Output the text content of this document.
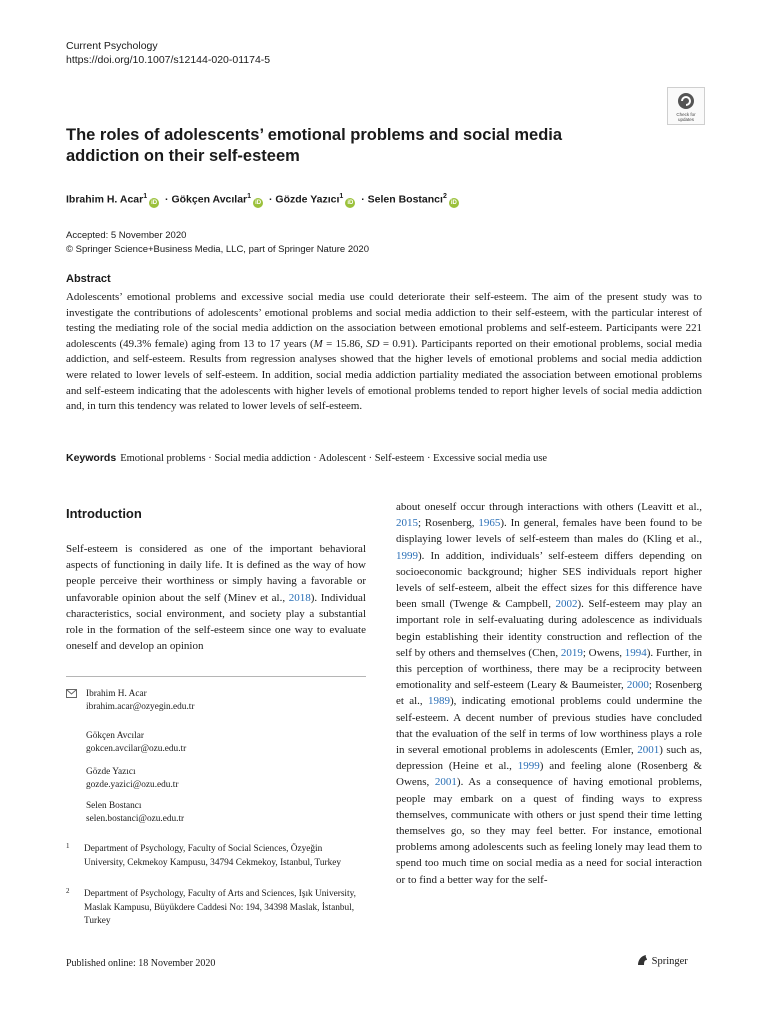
Current Psychology
https://doi.org/10.1007/s12144-020-01174-5
Check for updates
The roles of adolescents’ emotional problems and social media
addiction on their self-esteem
Ibrahim H. Acar$^1$iD · Gökçen Avcılar$^1$iD · Gözde Yazıcı$^1$iD · Selen Bostancı$^2$iD
Accepted: 5 November 2020
© Springer Science+Business Media, LLC, part of Springer Nature 2020
Abstract
Adolescents’ emotional problems and excessive social media use could deteriorate their self-esteem. The aim of the present study was to investigate the contributions of adolescents’ emotional problems and social media addiction to their self-esteem, with the particular interest of testing the mediating role of the social media addiction on the association between emotional problems and self-esteem. Participants were 221 adolescents (49.3% female) aging from 13 to 17 years (M = 15.86, SD = 0.91). Participants reported on their emotional problems, social media addiction, and self-esteem. Results from regression analyses showed that the higher levels of emotional problems and social media addiction were related to lower levels of self-esteem. In addition, social media addiction partiality mediated the association between emotional problems and self-esteem indicating that the adolescents with higher levels of emotional problems tended to report higher levels of social media addiction and, in turn this tendency was related to lower levels of self-esteem.
Keywords Emotional problems · Social media addiction · Adolescent · Self-esteem · Excessive social media use
Introduction
Self-esteem is considered as one of the important behavioral aspects of functioning in daily life. It is defined as the way of how people perceive their worthiness or simply having a favorable or unfavorable opinion about the self (Minev et al., 2018). Individual characteristics, social environment, and society play a substantial role in the formation of the self-esteem since one way to evaluate oneself and develop an opinion
about oneself occur through interactions with others (Leavitt et al., 2015; Rosenberg, 1965). In general, females have been found to be displaying lower levels of self-esteem than males do (Kling et al., 1999). In addition, individuals’ self-esteem differs depending on socioeconomic background; higher SES individuals report higher levels of self-esteem, albeit the effect sizes for this difference have been small (Twenge & Campbell, 2002). Self-esteem may play an important role in self-evaluating during adolescence as individuals begin establishing their identity construction and reflection of the self by others and themselves (Chen, 2019; Owens, 1994). Further, in this perception of worthiness, there may be a reciprocity between emotionality and self-esteem (Leary & Baumeister, 2000; Rosenberg et al., 1989), indicating emotional problems could undermine the self-esteem. A decent number of previous studies have concluded that the evaluation of the self in terms of low worthiness plays a role in several emotional problems in adolescents (Emler, 2001) such as, depression (Heine et al., 1999) and feeling alone (Rosenberg & Owens, 2001). As a consequence of having emotional problems, people may embark on a quest of finding ways to express themselves, communicate with others or just spend their time letting themselves go, so they may feel better. For instance, emotional problems among adolescents such as feeling lonely may lead them to spend too much time on social media as a need for social interaction or to find a better way for the self-
Ibrahim H. Acar
ibrahim.acar@ozyegin.edu.tr
Gökçen Avcılar
gokcen.avcilar@ozu.edu.tr
Gözde Yazıcı
gozde.yazici@ozu.edu.tr
Selen Bostancı
selen.bostanci@ozu.edu.tr
1 Department of Psychology, Faculty of Social Sciences, Özyeğin University, Cekmekoy Kampusu, 34794 Cekmekoy, Istanbul, Turkey
2 Department of Psychology, Faculty of Arts and Sciences, Işık University, Maslak Kampusu, Büyükdere Caddesi No: 194, 34398 Maslak, İstanbul, Turkey
Published online: 18 November 2020	Springer
